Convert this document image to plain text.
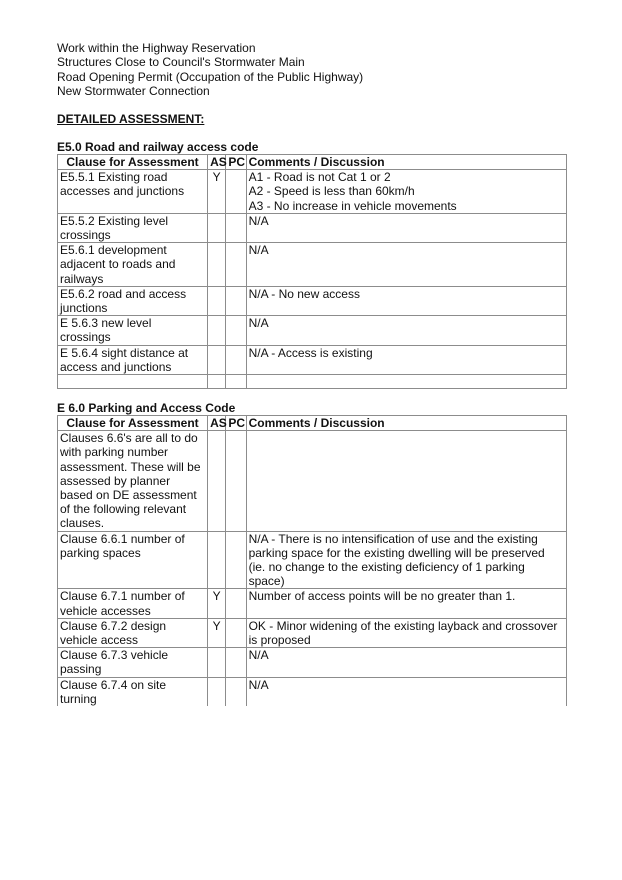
Work within the Highway Reservation
Structures Close to Council's Stormwater Main
Road Opening Permit (Occupation of the Public Highway)
New Stormwater Connection
DETAILED ASSESSMENT:
E5.0 Road and railway access code
Clause for Assessment	AS	PC	Comments / Discussion
E5.5.1 Existing road accesses and junctions	Y		A1 - Road is not Cat 1 or 2
A2 - Speed is less than 60km/h
A3 - No increase in vehicle movements
E5.5.2 Existing level crossings			N/A
E5.6.1 development adjacent to roads and railways			N/A
E5.6.2 road and access junctions			N/A - No new access
E 5.6.3 new level crossings			N/A
E 5.6.4 sight distance at access and junctions			N/A - Access is existing

E 6.0 Parking and Access Code
Clause for Assessment	AS	PC	Comments / Discussion
Clauses 6.6's are all to do with parking number assessment. These will be assessed by planner based on DE assessment of the following relevant clauses.			
Clause 6.6.1 number of parking spaces			N/A - There is no intensification of use and the existing parking space for the existing dwelling will be preserved (ie. no change to the existing deficiency of 1 parking space)
Clause 6.7.1 number of vehicle accesses	Y		Number of access points will be no greater than 1.
Clause 6.7.2 design vehicle access	Y		OK - Minor widening of the existing layback and crossover is proposed
Clause 6.7.3 vehicle passing			N/A
Clause 6.7.4 on site turning			N/A
